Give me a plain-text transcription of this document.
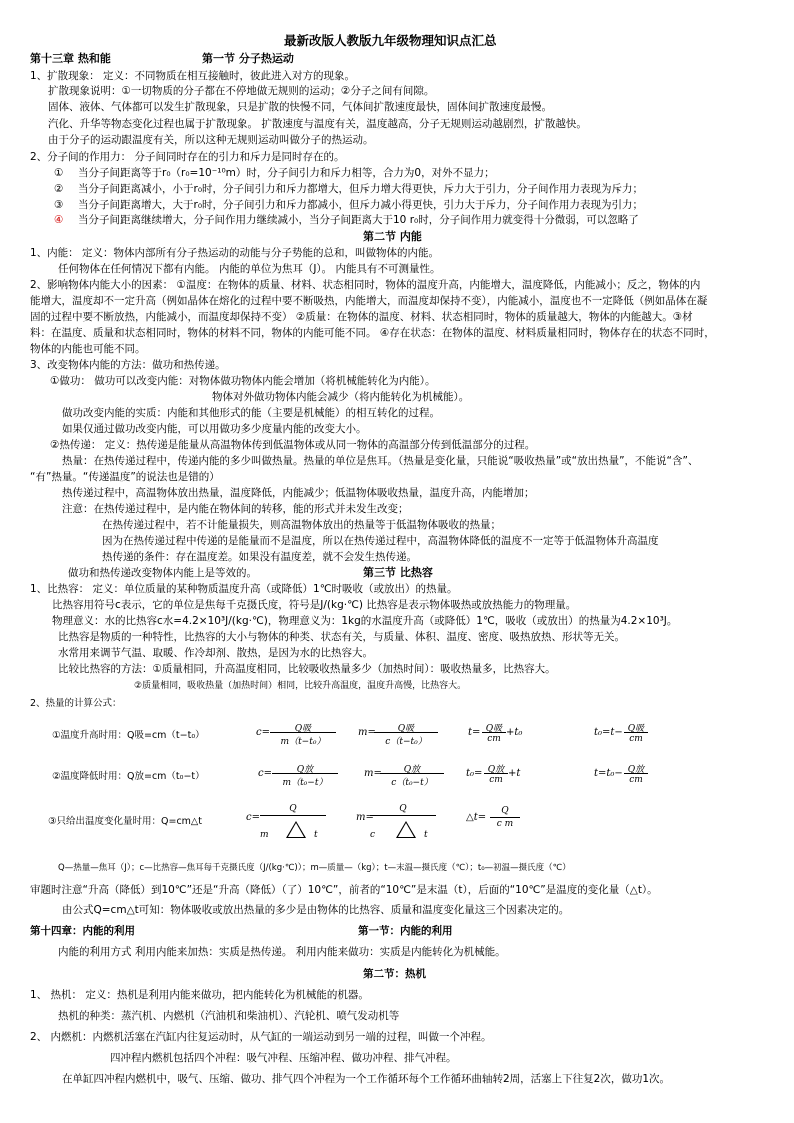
最新改版人教版九年级物理知识点汇总
第十三章 热和能	第一节 分子热运动
1、扩散现象： 定义：不同物质在相互接触时，彼此进入对方的现象。
扩散现象说明：①一切物质的分子都在不停地做无规则的运动；②分子之间有间隙。
固体、液体、气体都可以发生扩散现象，只是扩散的快慢不同，气体间扩散速度最快，固体间扩散速度最慢。
汽化、升华等物态变化过程也属于扩散现象。 扩散速度与温度有关，温度越高，分子无规则运动越剧烈，扩散越快。
由于分子的运动跟温度有关，所以这种无规则运动叫做分子的热运动。
2、分子间的作用力： 分子间同时存在的引力和斥力是同时存在的。
① 当分子间距离等于r₀（r₀=10⁻¹⁰m）时，分子间引力和斥力相等，合力为0，对外不显力；
② 当分子间距离减小，小于r₀时，分子间引力和斥力都增大，但斥力增大得更快，斥力大于引力，分子间作用力表现为斥力；
③ 当分子间距离增大，大于r₀时，分子间引力和斥力都减小，但斥力减小得更快，引力大于斥力，分子间作用力表现为引力；
④ 当分子间距离继续增大，分子间作用力继续减小，当分子间距离大于10 r₀时，分子间作用力就变得十分微弱，可以忽略了
第二节 内能
1、内能： 定义：物体内部所有分子热运动的动能与分子势能的总和，叫做物体的内能。
任何物体在任何情况下都有内能。 内能的单位为焦耳（J）。 内能具有不可测量性。
2、影响物体内能大小的因素： ①温度：在物体的质量、材料、状态相同时，物体的温度升高，内能增大，温度降低，内能减小；反之，物体的内
能增大，温度却不一定升高（例如晶体在熔化的过程中要不断吸热，内能增大，而温度却保持不变），内能减小，温度也不一定降低（例如晶体在凝
固的过程中要不断放热，内能减小，而温度却保持不变） ②质量：在物体的温度、材料、状态相同时，物体的质量越大，物体的内能越大。③材
料：在温度、质量和状态相同时，物体的材料不同，物体的内能可能不同。 ④存在状态：在物体的温度、材料质量相同时，物体存在的状态不同时，
物体的内能也可能不同。
3、改变物体内能的方法：做功和热传递。
①做功： 做功可以改变内能：对物体做功物体内能会增加（将机械能转化为内能）。
物体对外做功物体内能会减少（将内能转化为机械能）。
做功改变内能的实质：内能和其他形式的能（主要是机械能）的相互转化的过程。
如果仅通过做功改变内能，可以用做功多少度量内能的改变大小。
②热传递： 定义：热传递是能量从高温物体传到低温物体或从同一物体的高温部分传到低温部分的过程。
热量：在热传递过程中，传递内能的多少叫做热量。热量的单位是焦耳。（热量是变化量，只能说“吸收热量”或“放出热量”，不能说“含”、
“有”热量。“传递温度”的说法也是错的）
热传递过程中，高温物体放出热量，温度降低，内能减少；低温物体吸收热量，温度升高，内能增加；
注意：在热传递过程中，是内能在物体间的转移，能的形式并未发生改变；
在热传递过程中，若不计能量损失，则高温物体放出的热量等于低温物体吸收的热量；
因为在热传递过程中传递的是能量而不是温度，所以在热传递过程中，高温物体降低的温度不一定等于低温物体升高温度
热传递的条件：存在温度差。如果没有温度差，就不会发生热传递。
做功和热传递改变物体内能上是等效的。	第三节 比热容
1、比热容： 定义：单位质量的某种物质温度升高（或降低）1℃时吸收（或放出）的热量。
比热容用符号c表示，它的单位是焦每千克摄氏度，符号是J/(kg·℃) 比热容是表示物体吸热或放热能力的物理量。
物理意义：水的比热容c水=4.2×10³J/(kg·℃)，物理意义为：1kg的水温度升高（或降低）1℃，吸收（或放出）的热量为4.2×10³J。
比热容是物质的一种特性，比热容的大小与物体的种类、状态有关，与质量、体积、温度、密度、吸热放热、形状等无关。
水常用来调节气温、取暖、作冷却剂、散热，是因为水的比热容大。
比较比热容的方法：①质量相同，升高温度相同，比较吸收热量多少（加热时间）：吸收热量多，比热容大。
②质量相同，吸收热量（加热时间）相同，比较升高温度，温度升高慢，比热容大。
2、热量的计算公式：
①温度升高时用：Q吸=cm（t−t₀）	c=	Q吸
m（t−t₀）
m=	Q吸
c（t−t₀）
t= Q吸
cm
+t₀	t₀=t− Q吸
cm
②温度降低时用：Q放=cm（t₀−t）	c=	Q放
m（t₀−t）
m=	Q放
c（t₀−t）
t₀= Q放
cm
+t	t=t₀− Q放
cm
③只给出温度变化量时用：Q=cm△t	c=
Q
m	t
m=
Q
c	t
△t=
Q
c m
Q—热量—焦耳（J）；c—比热容—焦耳每千克摄氏度（J/(kg·℃)）；m—质量—（kg）；t—末温—摄氏度（℃）；t₀—初温—摄氏度（℃）
审题时注意“升高（降低）到10℃”还是“升高（降低）（了）10℃”，前者的“10℃”是末温（t），后面的“10℃”是温度的变化量（△t）。
由公式Q=cm△t可知：物体吸收或放出热量的多少是由物体的比热容、质量和温度变化量这三个因素决定的。
第十四章：内能的利用	第一节：内能的利用
内能的利用方式 利用内能来加热：实质是热传递。 利用内能来做功：实质是内能转化为机械能。
第二节：热机
1、 热机： 定义：热机是利用内能来做功，把内能转化为机械能的机器。
热机的种类：蒸汽机、内燃机（汽油机和柴油机）、汽轮机、喷气发动机等
2、 内燃机：内燃机活塞在汽缸内往复运动时，从气缸的一端运动到另一端的过程，叫做一个冲程。
四冲程内燃机包括四个冲程：吸气冲程、压缩冲程、做功冲程、排气冲程。
在单缸四冲程内燃机中，吸气、压缩、做功、排气四个冲程为一个工作循环每个工作循环曲轴转2周，活塞上下往复2次，做功1次。
